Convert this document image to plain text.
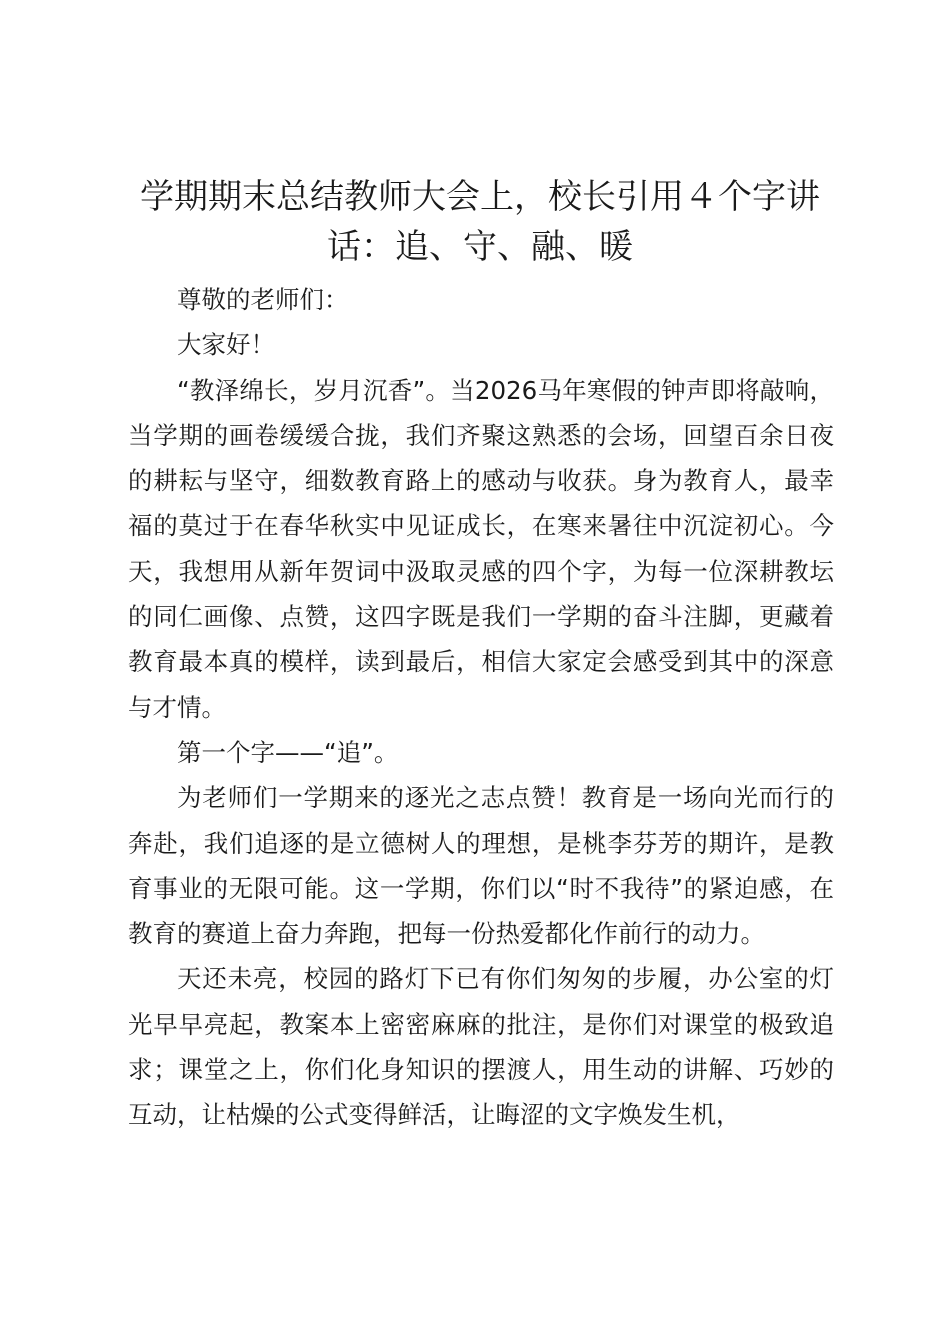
学期期末总结教师大会上，校长引用４个字讲话：追、守、融、暖

尊敬的老师们：

大家好！

“教泽绵长，岁月沉香”。当2026马年寒假的钟声即将敲响，当学期的画卷缓缓合拢，我们齐聚这熟悉的会场，回望百余日夜的耕耘与坚守，细数教育路上的感动与收获。身为教育人，最幸福的莫过于在春华秋实中见证成长，在寒来暑往中沉淀初心。今天，我想用从新年贺词中汲取灵感的四个字，为每一位深耕教坛的同仁画像、点赞，这四字既是我们一学期的奋斗注脚，更藏着教育最本真的模样，读到最后，相信大家定会感受到其中的深意与才情。

第一个字——“追”。

为老师们一学期来的逐光之志点赞！教育是一场向光而行的奔赴，我们追逐的是立德树人的理想，是桃李芬芳的期许，是教育事业的无限可能。这一学期，你们以“时不我待”的紧迫感，在教育的赛道上奋力奔跑，把每一份热爱都化作前行的动力。

天还未亮，校园的路灯下已有你们匆匆的步履，办公室的灯光早早亮起，教案本上密密麻麻的批注，是你们对课堂的极致追求；课堂之上，你们化身知识的摆渡人，用生动的讲解、巧妙的互动，让枯燥的公式变得鲜活，让晦涩的文字焕发生机，
